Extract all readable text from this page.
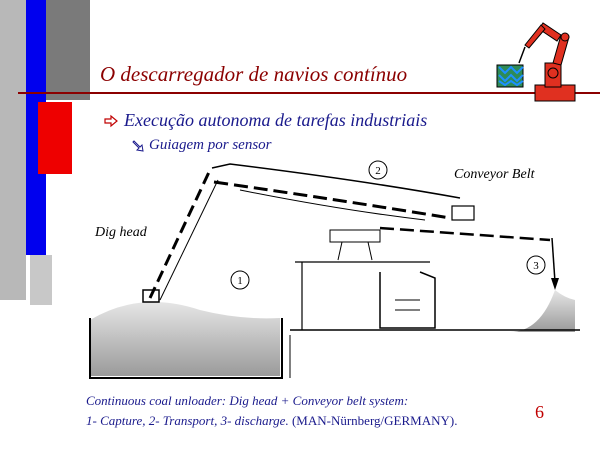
O descarregador de navios contínuo
Execução autonoma de tarefas industriais
Guiagem por sensor
Dig head
Conveyor Belt
1
2
3
Continuous coal unloader: Dig head + Conveyor belt system:
1- Capture, 2- Transport, 3- discharge. (MAN-Nürnberg/GERMANY).	6
